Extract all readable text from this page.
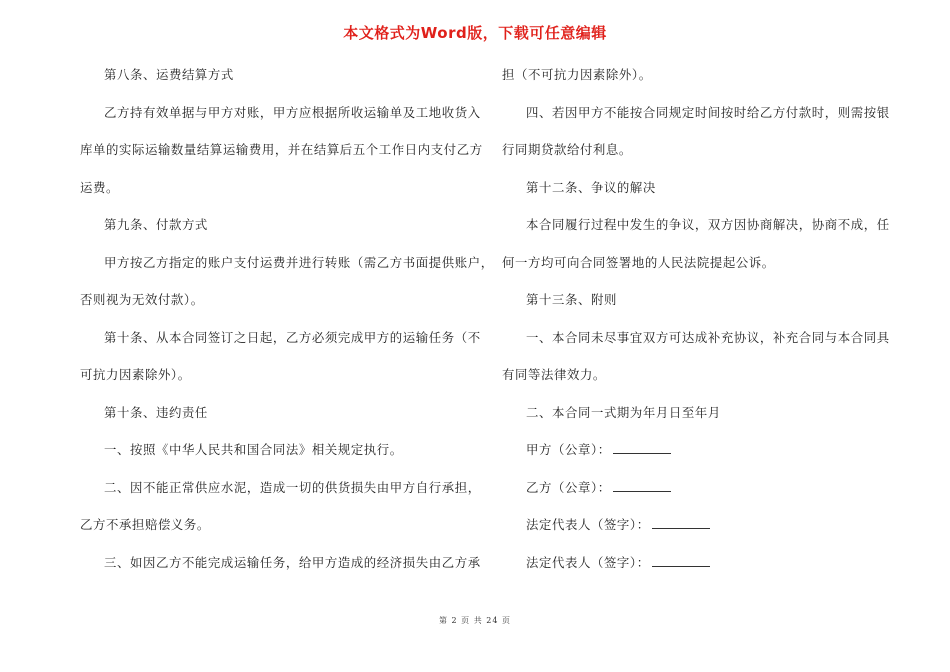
本文格式为Word版，下载可任意编辑
第八条、运费结算方式
乙方持有效单据与甲方对账，甲方应根据所收运输单及工地收货入
库单的实际运输数量结算运输费用，并在结算后五个工作日内支付乙方
运费。
第九条、付款方式
甲方按乙方指定的账户支付运费并进行转账（需乙方书面提供账户，
否则视为无效付款）。
第十条、从本合同签订之日起，乙方必须完成甲方的运输任务（不
可抗力因素除外）。
第十条、违约责任
一、按照《中华人民共和国合同法》相关规定执行。
二、因不能正常供应水泥，造成一切的供货损失由甲方自行承担，
乙方不承担赔偿义务。
三、如因乙方不能完成运输任务，给甲方造成的经济损失由乙方承
担（不可抗力因素除外）。
四、若因甲方不能按合同规定时间按时给乙方付款时，则需按银
行同期贷款给付利息。
第十二条、争议的解决
本合同履行过程中发生的争议，双方因协商解决，协商不成，任
何一方均可向合同签署地的人民法院提起公诉。
第十三条、附则
一、本合同未尽事宜双方可达成补充协议，补充合同与本合同具
有同等法律效力。
二、本合同一式期为年月日至年月
甲方（公章）：
乙方（公章）：
法定代表人（签字）：
法定代表人（签字）：
第 2 页 共 24 页
